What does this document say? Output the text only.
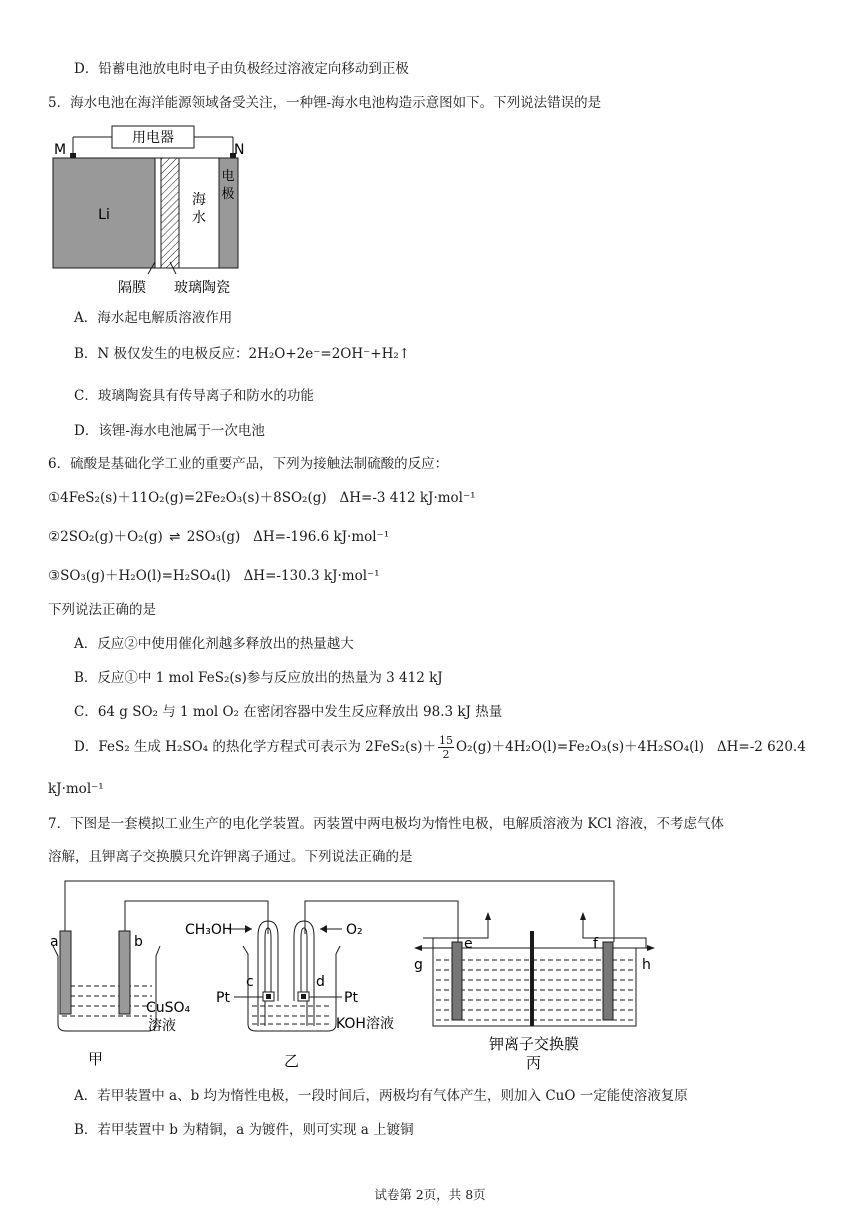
D．铅蓄电池放电时电子由负极经过溶液定向移动到正极
5．海水电池在海洋能源领域备受关注，一种锂-海水电池构造示意图如下。下列说法错误的是
用电器
M	N
Li
海
水
电
极
隔膜 玻璃陶瓷
A．海水起电解质溶液作用
B．N 极仅发生的电极反应：2H₂O+2e⁻=2OH⁻+H₂↑
C．玻璃陶瓷具有传导离子和防水的功能
D．该锂-海水电池属于一次电池
6．硫酸是基础化学工业的重要产品，下列为接触法制硫酸的反应：
①4FeS₂(s)＋11O₂(g)=2Fe₂O₃(s)＋8SO₂(g) ΔH=-3 412 kJ·mol⁻¹
②2SO₂(g)＋O₂(g) ⇌ 2SO₃(g) ΔH=-196.6 kJ·mol⁻¹
③SO₃(g)＋H₂O(l)=H₂SO₄(l) ΔH=-130.3 kJ·mol⁻¹
下列说法正确的是
A．反应②中使用催化剂越多释放出的热量越大
B．反应①中 1 mol FeS₂(s)参与反应放出的热量为 3 412 kJ
C．64 g SO₂ 与 1 mol O₂ 在密闭容器中发生反应释放出 98.3 kJ 热量
D．FeS₂ 生成 H₂SO₄ 的热化学方程式可表示为 $2FeS_2(s)+ \frac{15}{2} O_2(g)+4H_2O(l)=Fe_2O_3(s)+4H_2SO_4(l)$ ΔH=-2 620.4
kJ·mol⁻¹
7．下图是一套模拟工业生产的电化学装置。丙装置中两电极均为惰性电极，电解质溶液为 KCl 溶液，不考虑气体
溶解，且钾离子交换膜只允许钾离子通过。下列说法正确的是
a	b
CuSO₄
溶液
甲
CH₃OH	O₂
c	d
Pt	Pt
KOH溶液
乙
e	f
g	h
钾离子交换膜
丙
A．若甲装置中 a、b 均为惰性电极，一段时间后，两极均有气体产生，则加入 CuO 一定能使溶液复原
B．若甲装置中 b 为精铜，a 为镀件，则可实现 a 上镀铜
试卷第 2页，共 8页
